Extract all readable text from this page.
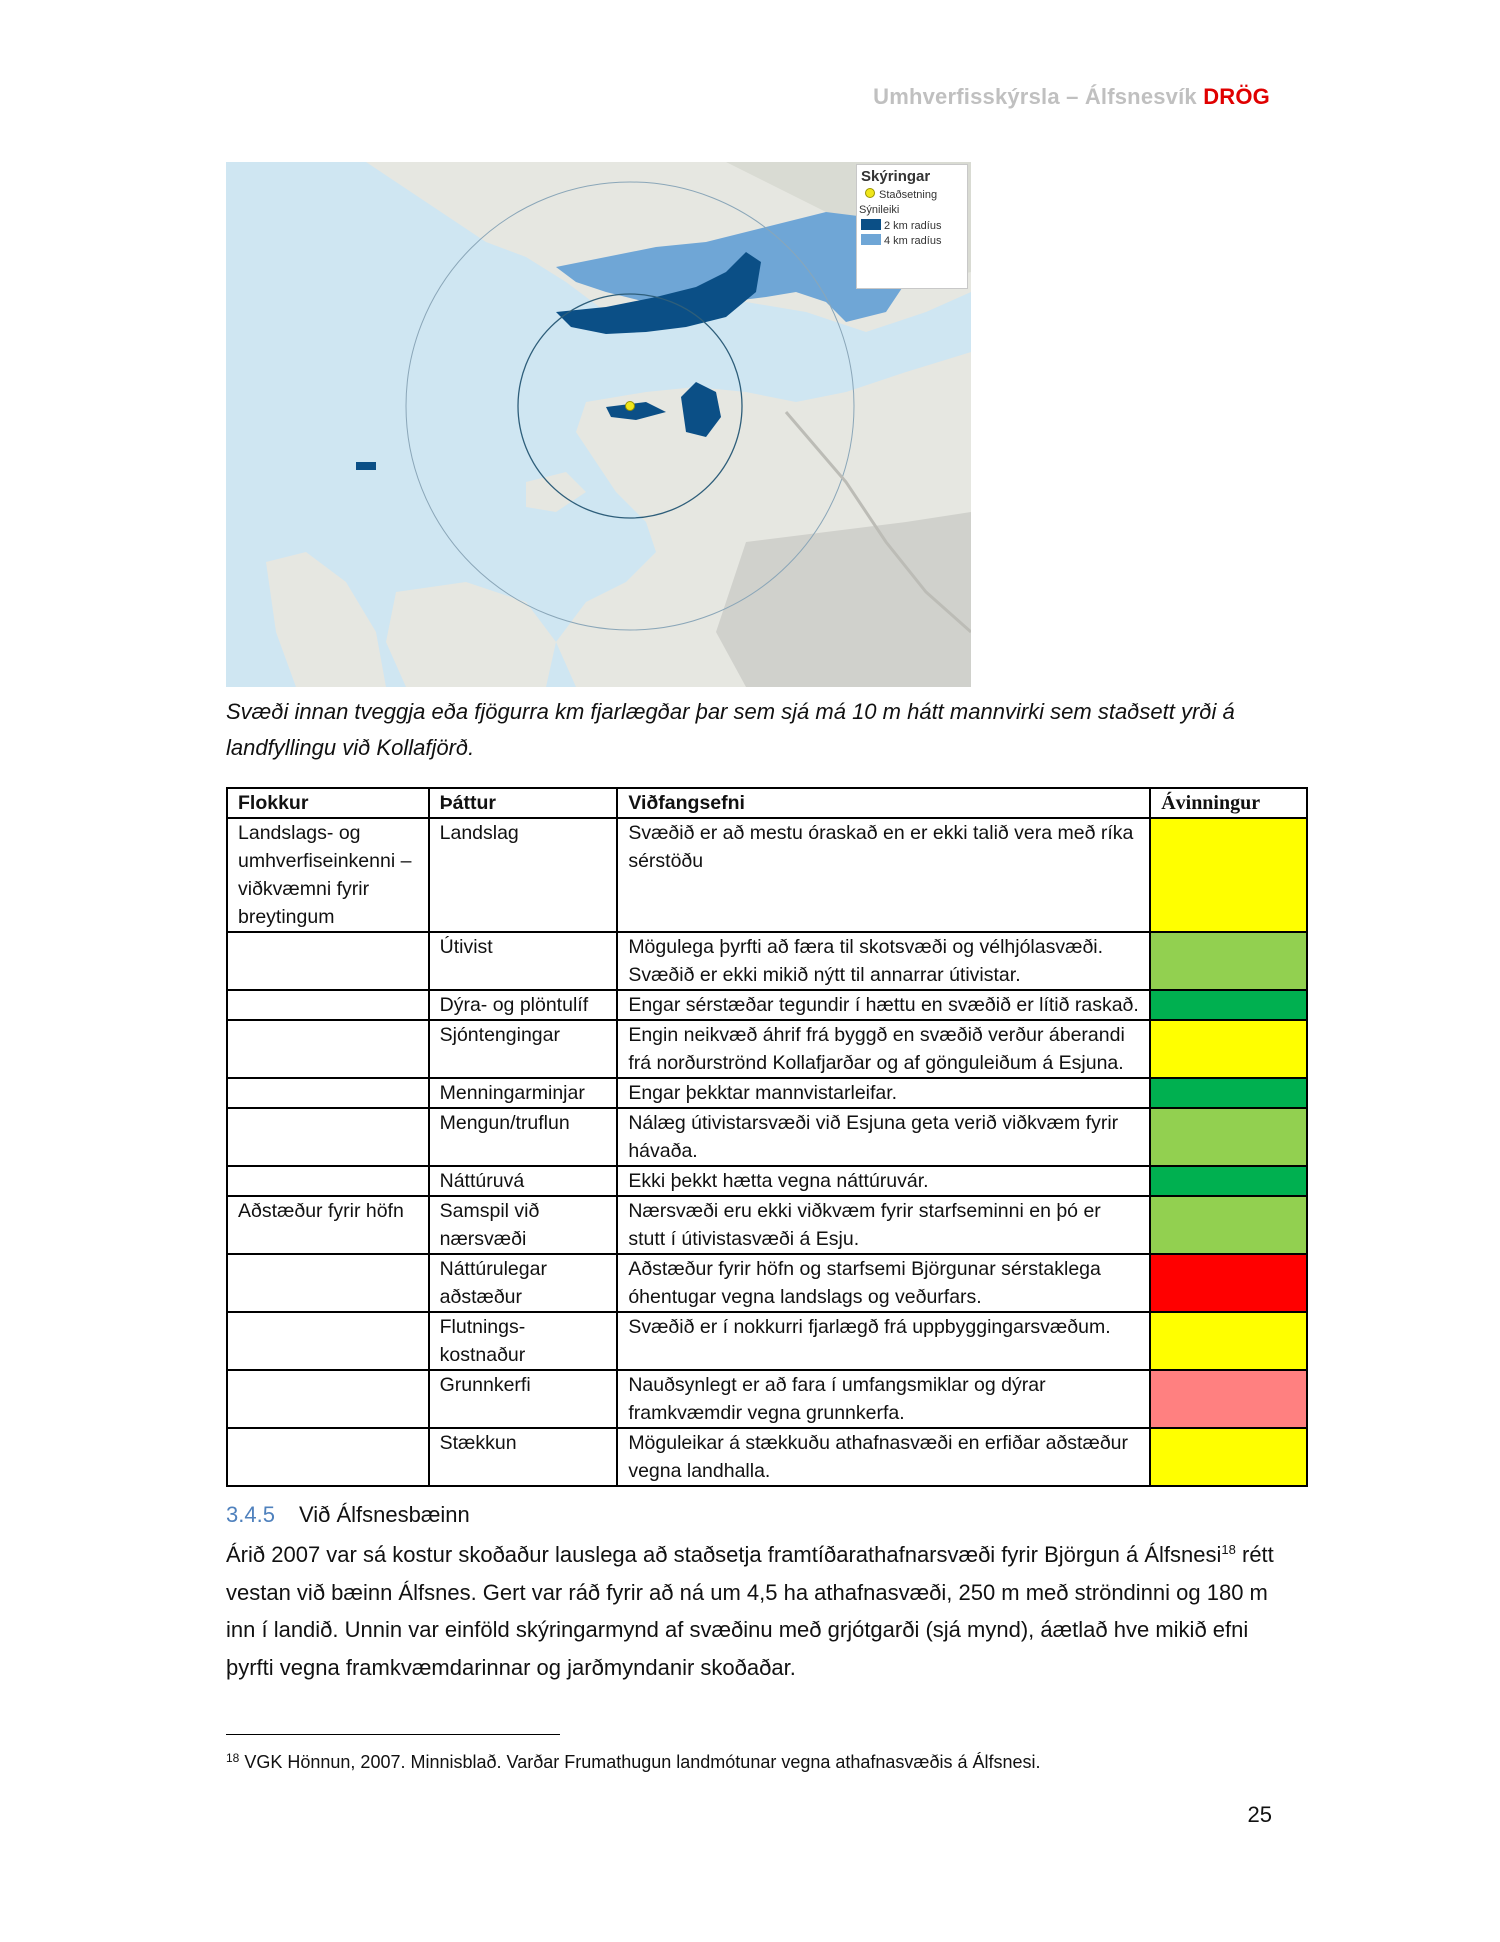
Umhverfisskýrsla – Álfsnesvík DRÖG
Skýringar
Staðsetning
Sýnileiki
2 km radíus
4 km radíus
Svæði innan tveggja eða fjögurra km fjarlægðar þar sem sjá má 10 m hátt mannvirki sem staðsett yrði á landfyllingu við Kollafjörð.
Flokkur	Þáttur	Viðfangsefni	Ávinningur
Landslags- og umhverfiseinkenni – viðkvæmni fyrir breytingum	Landslag	Svæðið er að mestu óraskað en er ekki talið vera með ríka sérstöðu	
	Útivist	Mögulega þyrfti að færa til skotsvæði og vélhjólasvæði. Svæðið er ekki mikið nýtt til annarrar útivistar.	
	Dýra- og plöntulíf	Engar sérstæðar tegundir í hættu en svæðið er lítið raskað.	
	Sjóntengingar	Engin neikvæð áhrif frá byggð en svæðið verður áberandi frá norðurströnd Kollafjarðar og af gönguleiðum á Esjuna.	
	Menningarminjar	Engar þekktar mannvistarleifar.	
	Mengun/truflun	Nálæg útivistarsvæði við Esjuna geta verið viðkvæm fyrir hávaða.	
	Náttúruvá	Ekki þekkt hætta vegna náttúruvár.	
Aðstæður fyrir höfn	Samspil við nærsvæði	Nærsvæði eru ekki viðkvæm fyrir starfseminni en þó er stutt í útivistasvæði á Esju.	
	Náttúrulegar aðstæður	Aðstæður fyrir höfn og starfsemi Björgunar sérstaklega óhentugar vegna landslags og veðurfars.	
	Flutnings-kostnaður	Svæðið er í nokkurri fjarlægð frá uppbyggingarsvæðum.	
	Grunnkerfi	Nauðsynlegt er að fara í umfangsmiklar og dýrar framkvæmdir vegna grunnkerfa.	
	Stækkun	Möguleikar á stækkuðu athafnasvæði en erfiðar aðstæður vegna landhalla.	
3.4.5 Við Álfsnesbæinn
Árið 2007 var sá kostur skoðaður lauslega að staðsetja framtíðarathafnarsvæði fyrir Björgun á Álfsnesi$^{18}$ rétt vestan við bæinn Álfsnes. Gert var ráð fyrir að ná um 4,5 ha athafnasvæði, 250 m með ströndinni og 180 m inn í landið. Unnin var einföld skýringarmynd af svæðinu með grjótgarði (sjá mynd), áætlað hve mikið efni þyrfti vegna framkvæmdarinnar og jarðmyndanir skoðaðar.
$^{18}$ VGK Hönnun, 2007. Minnisblað. Varðar Frumathugun landmótunar vegna athafnasvæðis á Álfsnesi.
25
